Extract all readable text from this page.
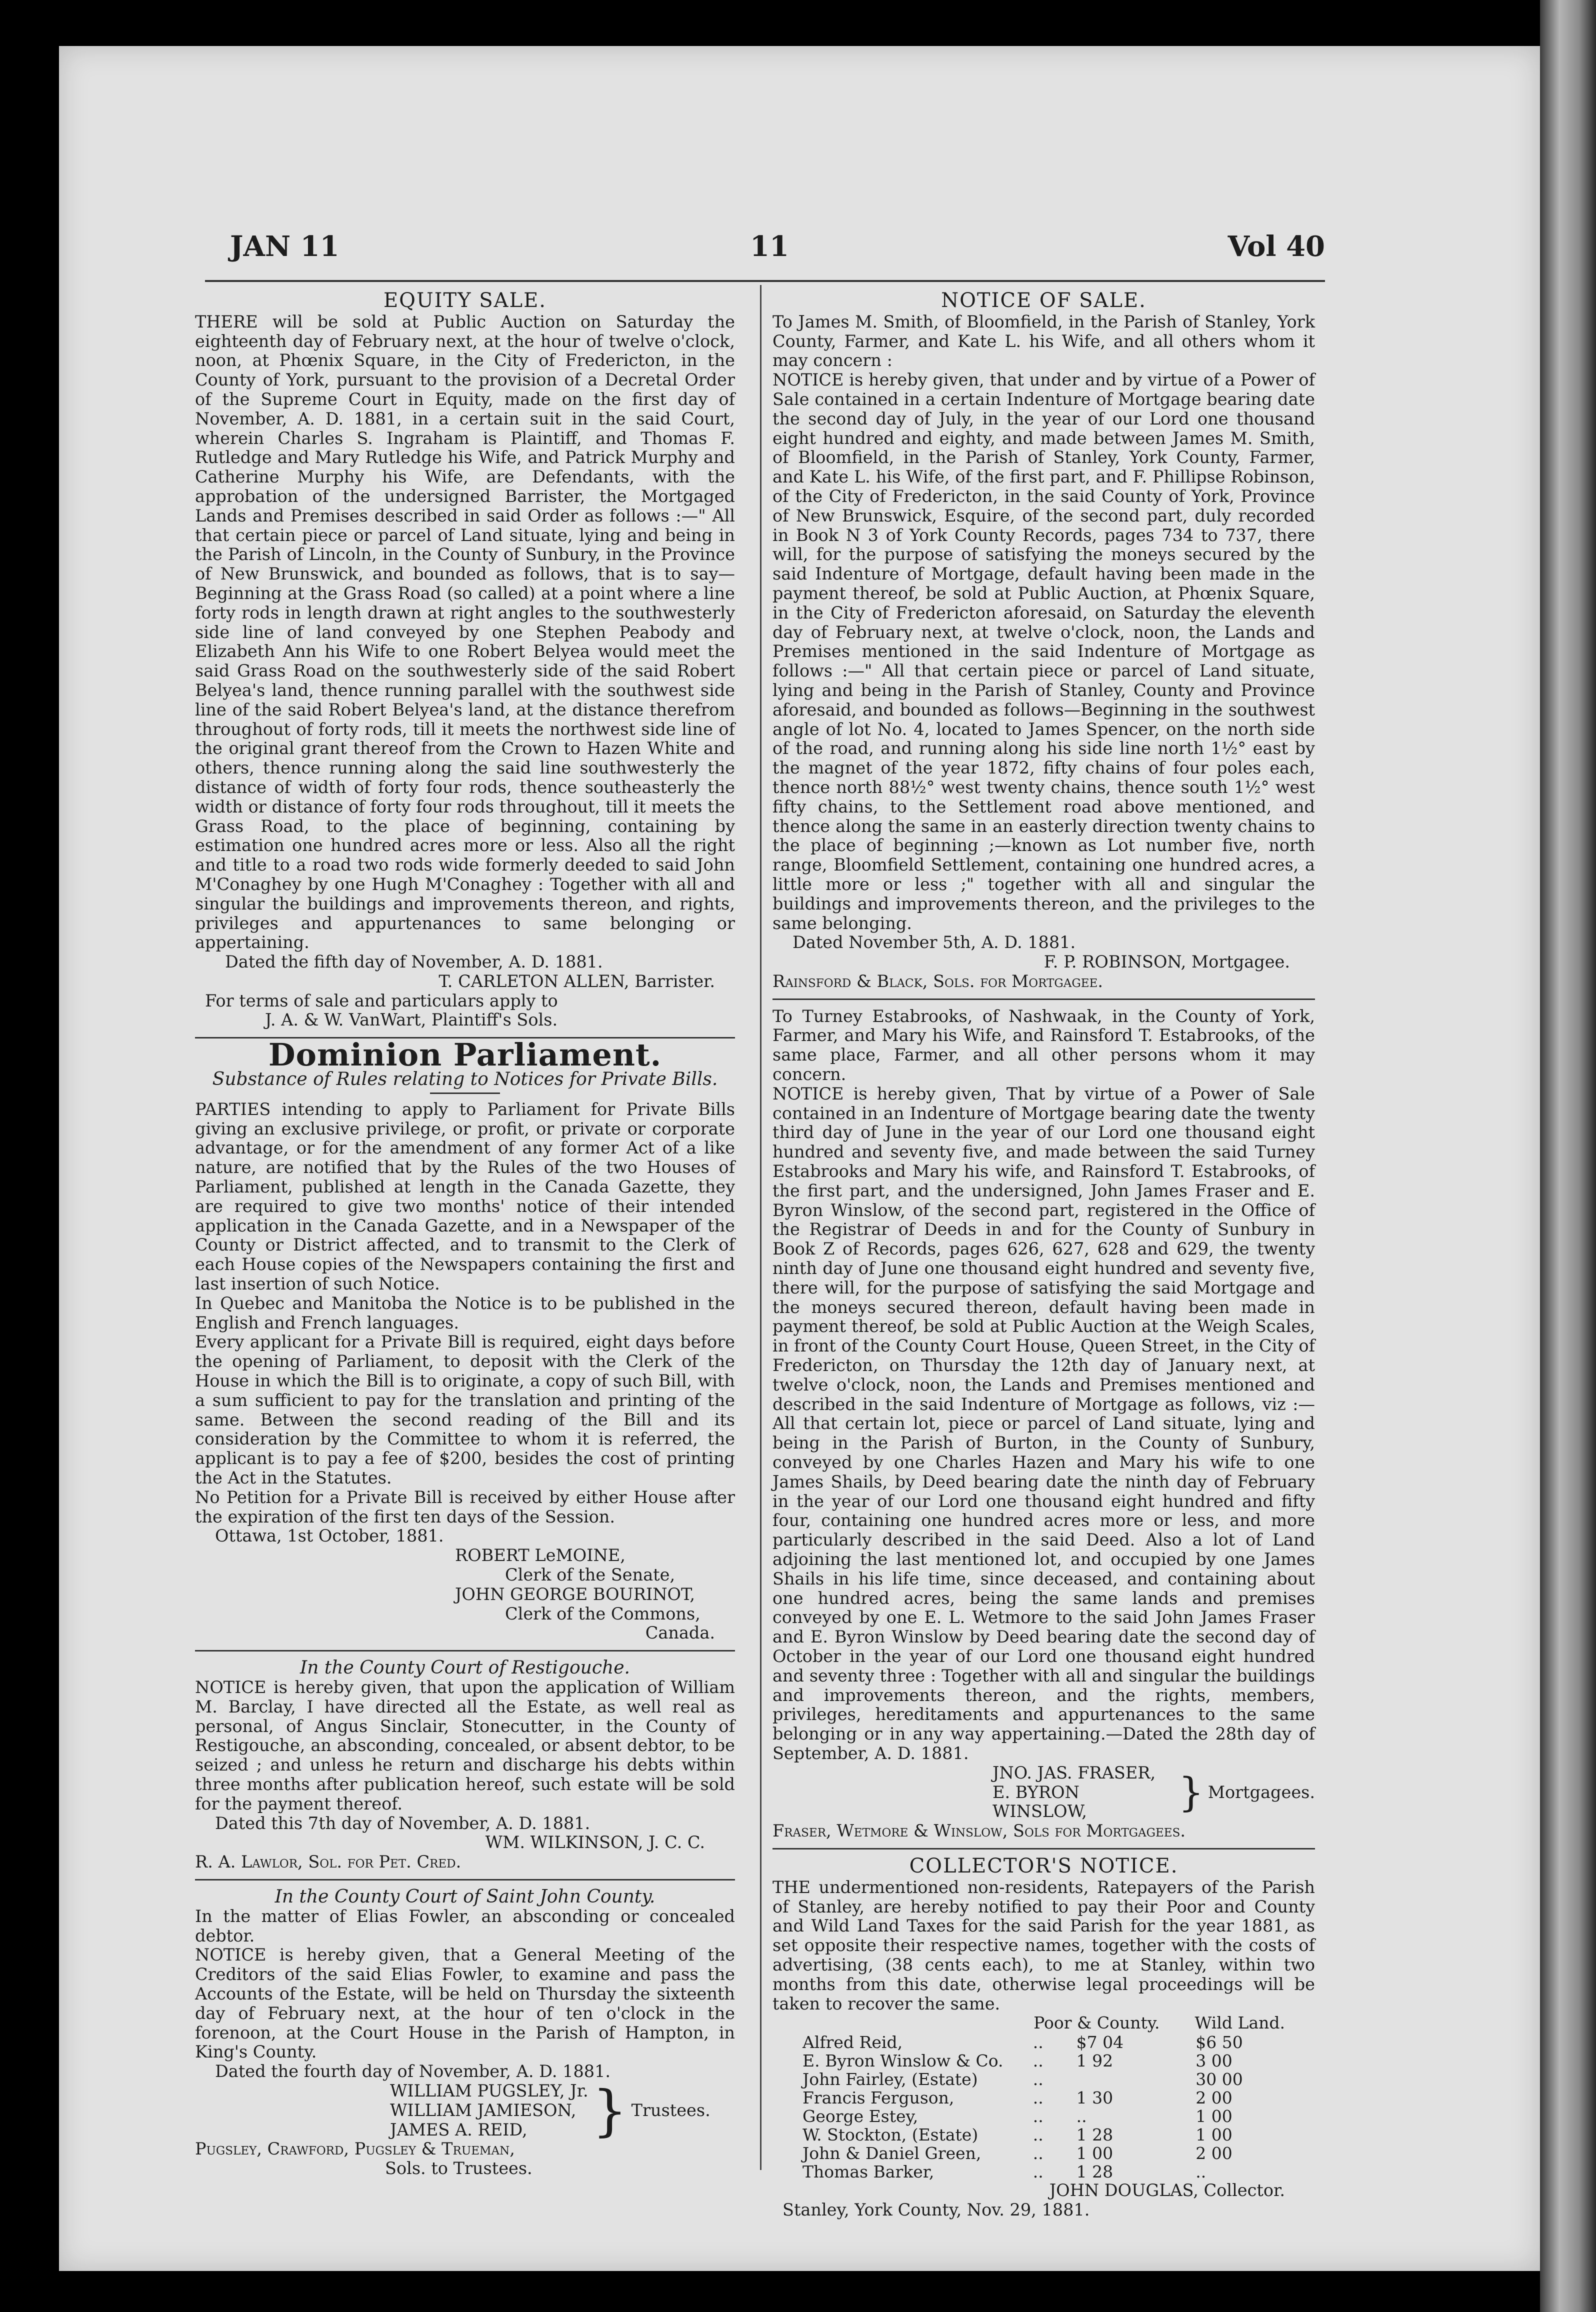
JAN 11	11	Vol 40
EQUITY SALE.

THERE will be sold at Public Auction on Saturday the eighteenth day of February next, at the hour of twelve o'clock, noon, at Phœnix Square, in the City of Fredericton, in the County of York, pursuant to the provision of a Decretal Order of the Supreme Court in Equity, made on the first day of November, A. D. 1881, in a certain suit in the said Court, wherein Charles S. Ingraham is Plaintiff, and Thomas F. Rutledge and Mary Rutledge his Wife, and Patrick Murphy and Catherine Murphy his Wife, are Defendants, with the approbation of the undersigned Barrister, the Mortgaged Lands and Premises described in said Order as follows :—" All that certain piece or parcel of Land situate, lying and being in the Parish of Lincoln, in the County of Sunbury, in the Province of New Brunswick, and bounded as follows, that is to say—Beginning at the Grass Road (so called) at a point where a line forty rods in length drawn at right angles to the southwesterly side line of land conveyed by one Stephen Peabody and Elizabeth Ann his Wife to one Robert Belyea would meet the said Grass Road on the southwesterly side of the said Robert Belyea's land, thence running parallel with the southwest side line of the said Robert Belyea's land, at the distance therefrom throughout of forty rods, till it meets the northwest side line of the original grant thereof from the Crown to Hazen White and others, thence running along the said line southwesterly the distance of width of forty four rods, thence southeasterly the width or distance of forty four rods throughout, till it meets the Grass Road, to the place of beginning, containing by estimation one hundred acres more or less. Also all the right and title to a road two rods wide formerly deeded to said John M'Conaghey by one Hugh M'Conaghey : Together with all and singular the buildings and improvements thereon, and rights, privileges and appurtenances to same belonging or appertaining.

Dated the fifth day of November, A. D. 1881.

T. CARLETON ALLEN, Barrister.

For terms of sale and particulars apply to

J. A. & W. VanWart, Plaintiff's Sols.

Dominion Parliament.
Substance of Rules relating to Notices for Private Bills.

PARTIES intending to apply to Parliament for Private Bills giving an exclusive privilege, or profit, or private or corporate advantage, or for the amendment of any former Act of a like nature, are notified that by the Rules of the two Houses of Parliament, published at length in the Canada Gazette, they are required to give two months' notice of their intended application in the Canada Gazette, and in a Newspaper of the County or District affected, and to transmit to the Clerk of each House copies of the Newspapers containing the first and last insertion of such Notice.

In Quebec and Manitoba the Notice is to be published in the English and French languages.

Every applicant for a Private Bill is required, eight days before the opening of Parliament, to deposit with the Clerk of the House in which the Bill is to originate, a copy of such Bill, with a sum sufficient to pay for the translation and printing of the same. Between the second reading of the Bill and its consideration by the Committee to whom it is referred, the applicant is to pay a fee of $200, besides the cost of printing the Act in the Statutes.

No Petition for a Private Bill is received by either House after the expiration of the first ten days of the Session.

Ottawa, 1st October, 1881.

ROBERT LeMOINE,

Clerk of the Senate,

JOHN GEORGE BOURINOT,

Clerk of the Commons,

Canada.

In the County Court of Restigouche.

NOTICE is hereby given, that upon the application of William M. Barclay, I have directed all the Estate, as well real as personal, of Angus Sinclair, Stonecutter, in the County of Restigouche, an absconding, concealed, or absent debtor, to be seized ; and unless he return and discharge his debts within three months after publication hereof, such estate will be sold for the payment thereof.

Dated this 7th day of November, A. D. 1881.

WM. WILKINSON, J. C. C.

R. A. Lawlor, Sol. for Pet. Cred.

In the County Court of Saint John County.

In the matter of Elias Fowler, an absconding or concealed debtor.

NOTICE is hereby given, that a General Meeting of the Creditors of the said Elias Fowler, to examine and pass the Accounts of the Estate, will be held on Thursday the sixteenth day of February next, at the hour of ten o'clock in the forenoon, at the Court House in the Parish of Hampton, in King's County.

Dated the fourth day of November, A. D. 1881.

WILLIAM PUGSLEY, Jr.
WILLIAM JAMIESON,
JAMES A. REID,	} Trustees.

Pugsley, Crawford, Pugsley & Trueman,

Sols. to Trustees.

NOTICE OF SALE.

To James M. Smith, of Bloomfield, in the Parish of Stanley, York County, Farmer, and Kate L. his Wife, and all others whom it may concern :

NOTICE is hereby given, that under and by virtue of a Power of Sale contained in a certain Indenture of Mortgage bearing date the second day of July, in the year of our Lord one thousand eight hundred and eighty, and made between James M. Smith, of Bloomfield, in the Parish of Stanley, York County, Farmer, and Kate L. his Wife, of the first part, and F. Phillipse Robinson, of the City of Fredericton, in the said County of York, Province of New Brunswick, Esquire, of the second part, duly recorded in Book N 3 of York County Records, pages 734 to 737, there will, for the purpose of satisfying the moneys secured by the said Indenture of Mortgage, default having been made in the payment thereof, be sold at Public Auction, at Phœnix Square, in the City of Fredericton aforesaid, on Saturday the eleventh day of February next, at twelve o'clock, noon, the Lands and Premises mentioned in the said Indenture of Mortgage as follows :—" All that certain piece or parcel of Land situate, lying and being in the Parish of Stanley, County and Province aforesaid, and bounded as follows—Beginning in the southwest angle of lot No. 4, located to James Spencer, on the north side of the road, and running along his side line north 1½° east by the magnet of the year 1872, fifty chains of four poles each, thence north 88½° west twenty chains, thence south 1½° west fifty chains, to the Settlement road above mentioned, and thence along the same in an easterly direction twenty chains to the place of beginning ;—known as Lot number five, north range, Bloomfield Settlement, containing one hundred acres, a little more or less ;" together with all and singular the buildings and improvements thereon, and the privileges to the same belonging.

Dated November 5th, A. D. 1881.

F. P. ROBINSON, Mortgagee.

Rainsford & Black, Sols. for Mortgagee.

To Turney Estabrooks, of Nashwaak, in the County of York, Farmer, and Mary his Wife, and Rainsford T. Estabrooks, of the same place, Farmer, and all other persons whom it may concern.

NOTICE is hereby given, That by virtue of a Power of Sale contained in an Indenture of Mortgage bearing date the twenty third day of June in the year of our Lord one thousand eight hundred and seventy five, and made between the said Turney Estabrooks and Mary his wife, and Rainsford T. Estabrooks, of the first part, and the undersigned, John James Fraser and E. Byron Winslow, of the second part, registered in the Office of the Registrar of Deeds in and for the County of Sunbury in Book Z of Records, pages 626, 627, 628 and 629, the twenty ninth day of June one thousand eight hundred and seventy five, there will, for the purpose of satisfying the said Mortgage and the moneys secured thereon, default having been made in payment thereof, be sold at Public Auction at the Weigh Scales, in front of the County Court House, Queen Street, in the City of Fredericton, on Thursday the 12th day of January next, at twelve o'clock, noon, the Lands and Premises mentioned and described in the said Indenture of Mortgage as follows, viz :— All that certain lot, piece or parcel of Land situate, lying and being in the Parish of Burton, in the County of Sunbury, conveyed by one Charles Hazen and Mary his wife to one James Shails, by Deed bearing date the ninth day of February in the year of our Lord one thousand eight hundred and fifty four, containing one hundred acres more or less, and more particularly described in the said Deed. Also a lot of Land adjoining the last mentioned lot, and occupied by one James Shails in his life time, since deceased, and containing about one hundred acres, being the same lands and premises conveyed by one E. L. Wetmore to the said John James Fraser and E. Byron Winslow by Deed bearing date the second day of October in the year of our Lord one thousand eight hundred and seventy three : Together with all and singular the buildings and improvements thereon, and the rights, members, privileges, hereditaments and appurtenances to the same belonging or in any way appertaining.—Dated the 28th day of September, A. D. 1881.

JNO. JAS. FRASER,
E. BYRON WINSLOW,	} Mortgagees.

Fraser, Wetmore & Winslow, Sols for Mortgagees.

COLLECTOR'S NOTICE.

THE undermentioned non-residents, Ratepayers of the Parish of Stanley, are hereby notified to pay their Poor and County and Wild Land Taxes for the said Parish for the year 1881, as set opposite their respective names, together with the costs of advertising, (38 cents each), to me at Stanley, within two months from this date, otherwise legal proceedings will be taken to recover the same.

Poor & County. Wild Land.
Alfred Reid,	..	$7 04	$6 50
E. Byron Winslow & Co.	..	1 92	3 00
John Fairley, (Estate)	..		30 00
Francis Ferguson,	..	1 30	2 00
George Estey,	..	..	1 00
W. Stockton, (Estate)	..	1 28	1 00
John & Daniel Green,	..	1 00	2 00
Thomas Barker,	..	1 28	..

JOHN DOUGLAS, Collector.

Stanley, York County, Nov. 29, 1881.
